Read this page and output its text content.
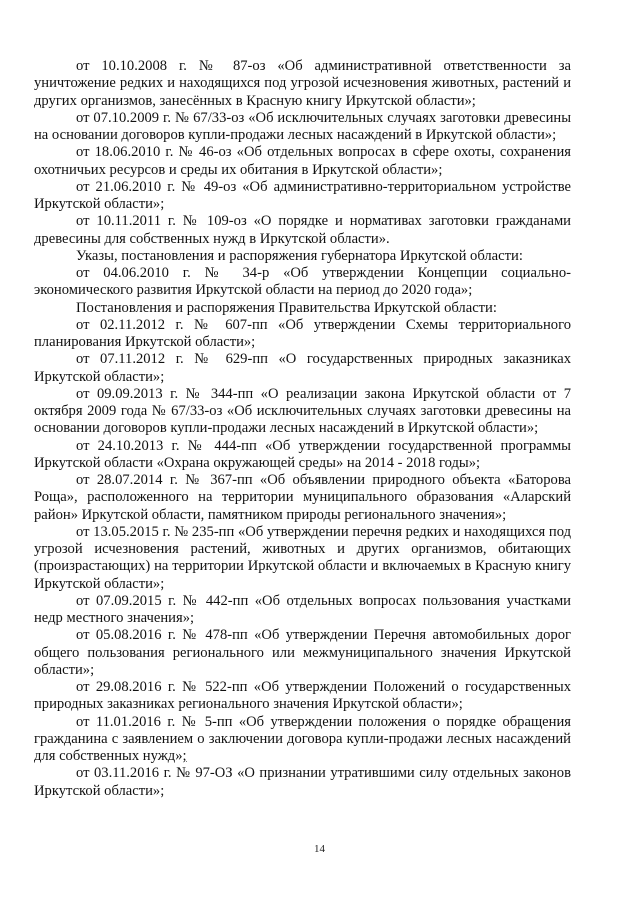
от 10.10.2008 г. № 87-оз «Об административной ответственности за уничтожение редких и находящихся под угрозой исчезновения животных, растений и других организмов, занесённых в Красную книгу Иркутской области»;

от 07.10.2009 г. № 67/33-оз «Об исключительных случаях заготовки древесины на основании договоров купли-продажи лесных насаждений в Иркутской области»;

от 18.06.2010 г. № 46-оз «Об отдельных вопросах в сфере охоты, сохранения охотничьих ресурсов и среды их обитания в Иркутской области»;

от 21.06.2010 г. № 49-оз «Об административно-территориальном устройстве Иркутской области»;

от 10.11.2011 г. № 109-оз «О порядке и нормативах заготовки гражданами древесины для собственных нужд в Иркутской области».

Указы, постановления и распоряжения губернатора Иркутской области:

от 04.06.2010 г. № 34-р «Об утверждении Концепции социально-экономического развития Иркутской области на период до 2020 года»;

Постановления и распоряжения Правительства Иркутской области:

от 02.11.2012 г. № 607-пп «Об утверждении Схемы территориального планирования Иркутской области»;

от 07.11.2012 г. № 629-пп «О государственных природных заказниках Иркутской области»;

от 09.09.2013 г. № 344-пп «О реализации закона Иркутской области от 7 октября 2009 года № 67/33-оз «Об исключительных случаях заготовки древесины на основании договоров купли-продажи лесных насаждений в Иркутской области»;

от 24.10.2013 г. № 444-пп «Об утверждении государственной программы Иркутской области «Охрана окружающей среды» на 2014 - 2018 годы»;

от 28.07.2014 г. № 367-пп «Об объявлении природного объекта «Баторова Роща», расположенного на территории муниципального образования «Аларский район» Иркутской области, памятником природы регионального значения»;

от 13.05.2015 г. № 235-пп «Об утверждении перечня редких и находящихся под угрозой исчезновения растений, животных и других организмов, обитающих (произрастающих) на территории Иркутской области и включаемых в Красную книгу Иркутской области»;

от 07.09.2015 г. № 442-пп «Об отдельных вопросах пользования участками недр местного значения»;

от 05.08.2016 г. № 478-пп «Об утверждении Перечня автомобильных дорог общего пользования регионального или межмуниципального значения Иркутской области»;

от 29.08.2016 г. № 522-пп «Об утверждении Положений о государственных природных заказниках регионального значения Иркутской области»;

от 11.01.2016 г. № 5-пп «Об утверждении положения о порядке обращения гражданина с заявлением о заключении договора купли-продажи лесных насаждений для собственных нужд»;

от 03.11.2016 г. № 97-ОЗ «О признании утратившими силу отдельных законов Иркутской области»;

14
